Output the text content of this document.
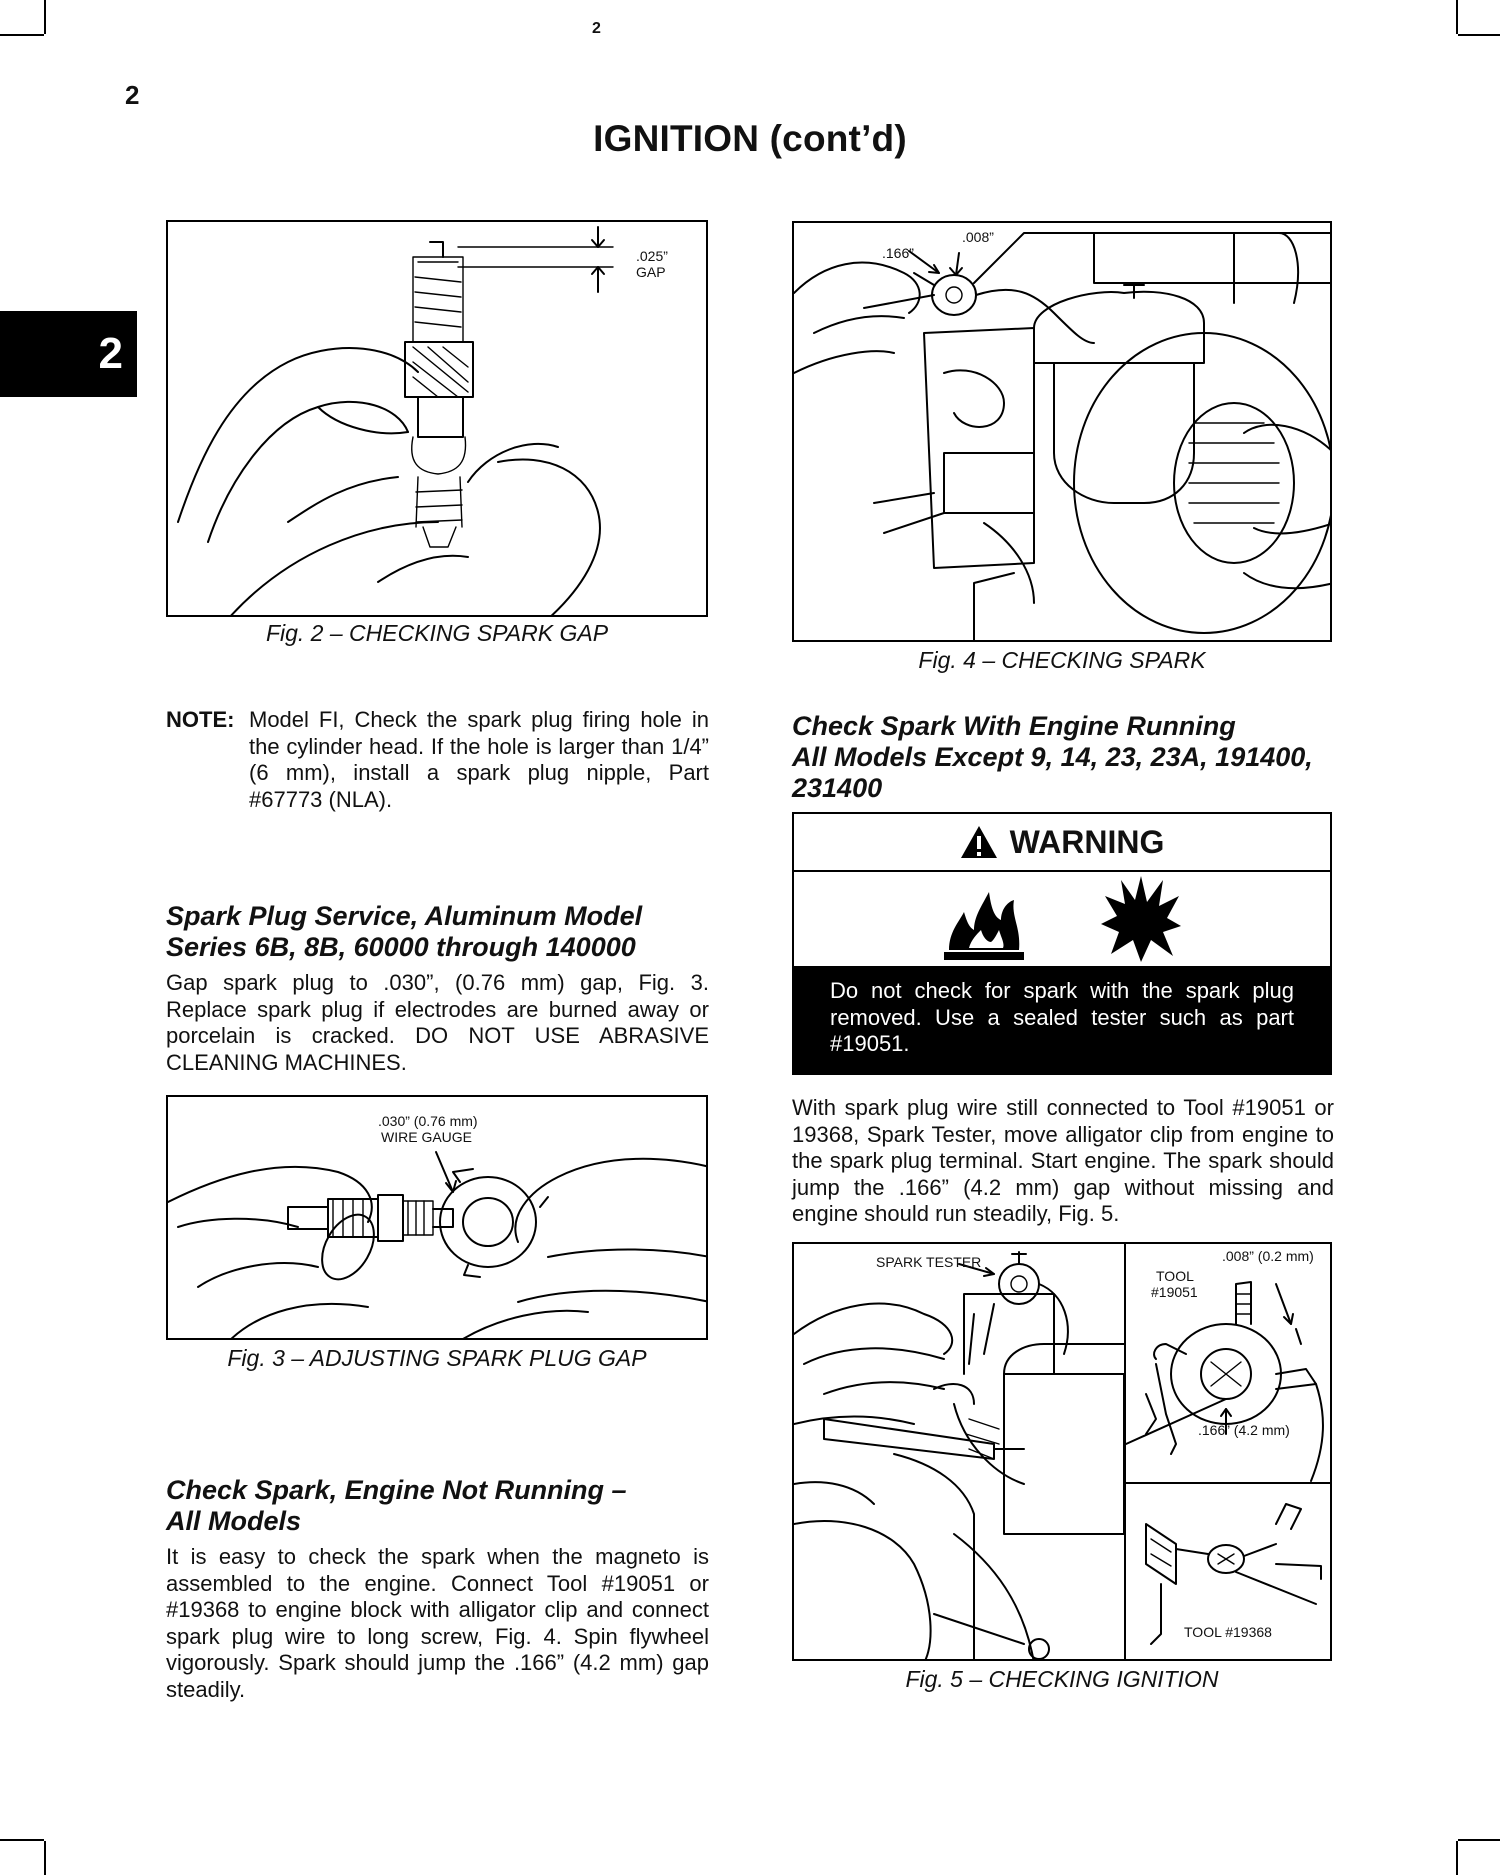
2
2
IGNITION (cont’d)
2
.025”
GAP
Fig. 2 – CHECKING SPARK GAP
NOTE: Model FI, Check the spark plug firing hole in the cylinder head. If the hole is larger than 1/4” (6 mm), install a spark plug nipple, Part #67773 (NLA).
Spark Plug Service, Aluminum Model
Series 6B, 8B, 60000 through 140000
Gap spark plug to .030”, (0.76 mm) gap, Fig. 3. Replace spark plug if electrodes are burned away or porcelain is cracked. DO NOT USE ABRASIVE CLEANING MACHINES.
.030” (0.76 mm)
WIRE GAUGE
Fig. 3 – ADJUSTING SPARK PLUG GAP
Check Spark, Engine Not Running –
All Models
It is easy to check the spark when the magneto is assembled to the engine. Connect Tool #19051 or #19368 to engine block with alligator clip and connect spark plug wire to long screw, Fig. 4. Spin flywheel vigorously. Spark should jump the .166” (4.2 mm) gap steadily.
.166”
.008”
Fig. 4 – CHECKING SPARK
Check Spark With Engine Running
All Models Except 9, 14, 23, 23A, 191400,
231400
WARNING
Do not check for spark with the spark plug removed. Use a sealed tester such as part #19051.
With spark plug wire still connected to Tool #19051 or 19368, Spark Tester, move alligator clip from engine to the spark plug terminal. Start engine. The spark should jump the .166” (4.2 mm) gap without missing and engine should run steadily, Fig. 5.
SPARK TESTER	.008” (0.2 mm)
TOOL
#19051
.166” (4.2 mm)
TOOL #19368
Fig. 5 – CHECKING IGNITION
